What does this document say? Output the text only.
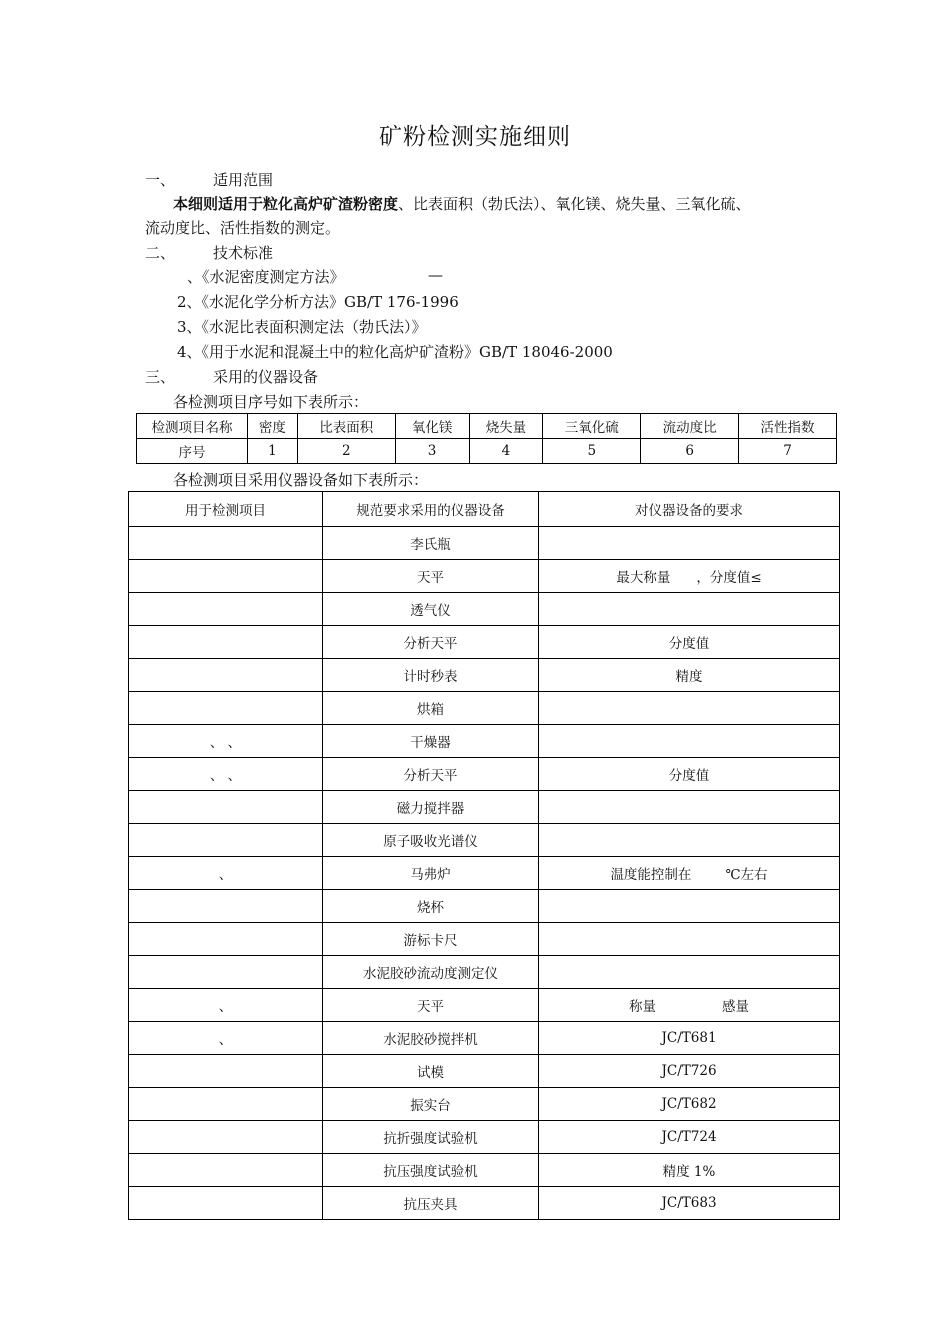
矿粉检测实施细则
一、	适用范围
本细则适用于粒化高炉矿渣粉密度、比表面积（勃氏法）、氧化镁、烧失量、三氧化硫、
流动度比、活性指数的测定。
二、	技术标准
、《水泥密度测定方法》	—
2、《水泥化学分析方法》GB/T 176-1996
3、《水泥比表面积测定法（勃氏法）》
4、《用于水泥和混凝土中的粒化高炉矿渣粉》GB/T 18046-2000
三、	采用的仪器设备
各检测项目序号如下表所示：
检测项目名称	密度	比表面积	氧化镁	烧失量	三氧化硫	流动度比	活性指数
序号	1	2	3	4	5	6	7
各检测项目采用仪器设备如下表所示：
用于检测项目	规范要求采用的仪器设备	对仪器设备的要求
	李氏瓶	
	天平	最大称量 ，分度值≤
	透气仪	
	分析天平	分度值
	计时秒表	精度
	烘箱	
、 、	干燥器	
、 、	分析天平	分度值
	磁力搅拌器	
	原子吸收光谱仪	
、	马弗炉	温度能控制在 ℃左右
	烧杯	
	游标卡尺	
	水泥胶砂流动度测定仪	
、	天平	称量 感量
、	水泥胶砂搅拌机	JC/T681
	试模	JC/T726
	振实台	JC/T682
	抗折强度试验机	JC/T724
	抗压强度试验机	精度 1%
	抗压夹具	JC/T683
